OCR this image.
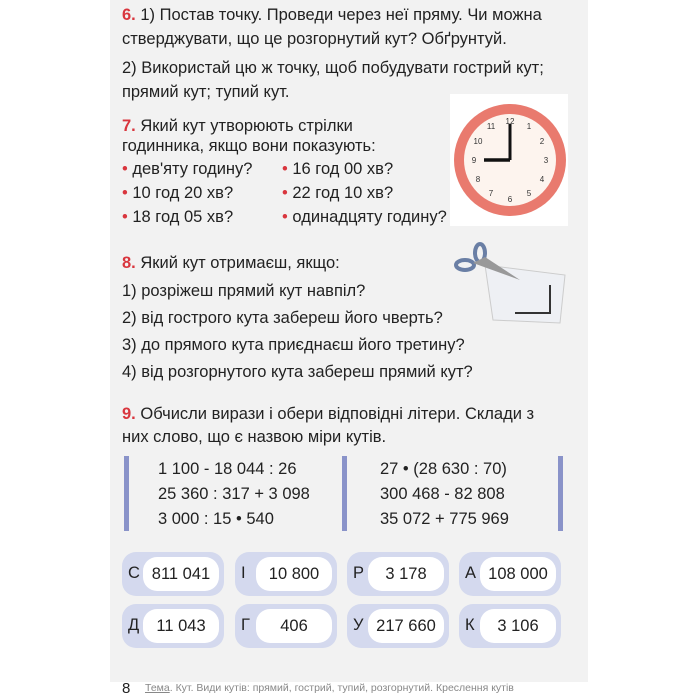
6. 1) Постав точку. Проведи через неї пряму. Чи можна
стверджувати, що це розгорнутий кут? Обґрунтуй.
2) Використай цю ж точку, щоб побудувати гострий кут;
прямий кут; тупий кут.
7. Який кут утворюють стрілки
годинника, якщо вони показують:
• дев'яту годину? • 16 год 00 хв?
• 10 год 20 хв?	• 22 год 10 хв?
• 18 год 05 хв?	• одинадцяту годину?
12
1
2
3
4
5
6
7
8
9
10
11
8. Який кут отримаєш, якщо:
1) розріжеш прямий кут навпіл?
2) від гострого кута забереш його чверть?
3) до прямого кута приєднаєш його третину?
4) від розгорнутого кута забереш прямий кут?
9. Обчисли вирази і обери відповідні літери. Склади з
них слово, що є назвою міри кутів.
1 100 - 18 044 : 26
25 360 : 317 + 3 098
3 000 : 15 • 540
27 • (28 630 : 70)
300 468 - 82 808
35 072 + 775 969
С 811 041	І	10 800	Р	3 178	А 108 000
Д	11 043	Г	406	У 217 660	К	3 106
8 Тема. Кут. Види кутів: прямий, гострий, тупий, розгорнутий. Креслення кутів
